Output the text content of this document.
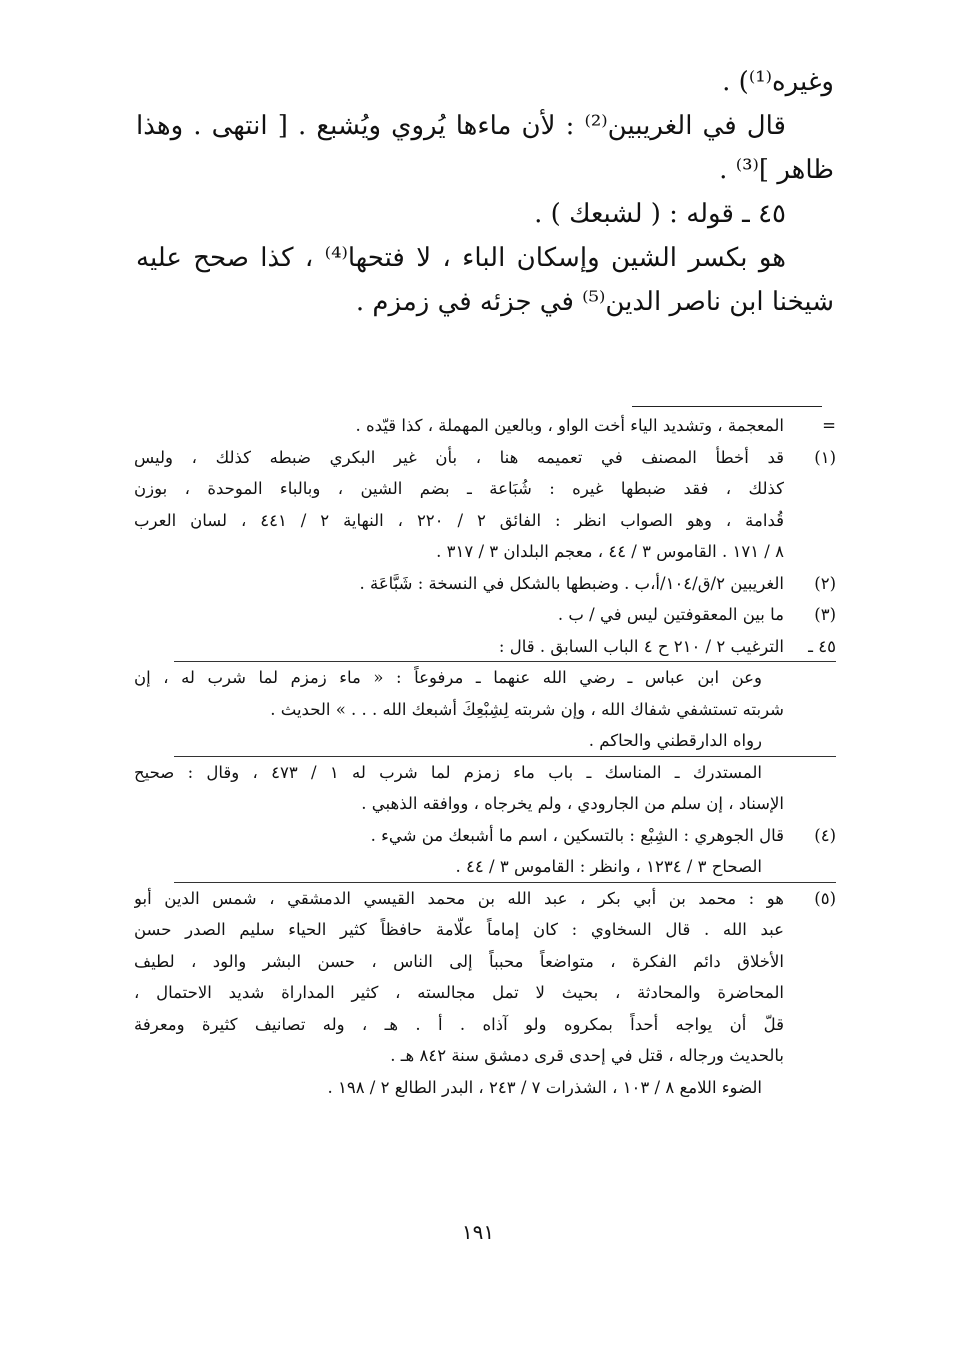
وغيره⁽¹⁾) .
قال في الغريبين⁽²⁾ : لأن ماءها يُروي ويُشبع . [ انتهى . وهذا
ظاهر ]⁽³⁾ .
٤٥ ـ قوله : ( لشبعك ) .
هو بكسر الشين وإسكان الباء ، لا فتحها⁽⁴⁾ ، كذا صحح عليه
شيخنا ابن ناصر الدين⁽⁵⁾ في جزئه في زمزم .
=
المعجمة ، وتشديد الياء أخت الواو ، وبالعين المهملة ، كذا قيّده .
(١)
قد أخطأ المصنف في تعميمه هنا ، بأن غير البكري ضبطه كذلك ، وليس
كذلك ، فقد ضبطها غيره : شُبَاعة ـ بضم الشين ، وبالباء الموحدة ، بوزن
قُدامة ، وهو الصواب انظر : الفائق ٢ / ٢٢٠ ، النهاية ٢ / ٤٤١ ، لسان العرب
٨ / ١٧١ . القاموس ٣ / ٤٤ ، معجم البلدان ٣ / ٣١٧ .
(٢)
الغريبين ٢/ق/١٠٤/أ،ب . وضبطها بالشكل في النسخة : شَبَّاعَة .
(٣)
ما بين المعقوفتين ليس في / ب .
٤٥ ـ
الترغيب ٢ / ٢١٠ ح ٤ الباب السابق . قال :
وعن ابن عباس ـ رضي الله عنهما ـ مرفوعاً : « ماء زمزم لما شرب له ، إن
شربته تستشفي شفاك الله ، وإن شربته لِشِبْعِكَ أشبعك الله . . . » الحديث .
رواه الدارقطني والحاكم .
المستدرك ـ المناسك ـ باب ماء زمزم لما شرب له ١ / ٤٧٣ ، وقال : صحيح
الإسناد ، إن سلم من الجارودي ، ولم يخرجاه ، ووافقه الذهبي .
(٤)
قال الجوهري : الشِبْع : بالتسكين ، اسم ما أشبعك من شيء .
الصحاح ٣ / ١٢٣٤ ، وانظر : القاموس ٣ / ٤٤ .
(٥)
هو : محمد بن أبي بكر ، عبد الله بن محمد القيسي الدمشقي ، شمس الدين أبو
عبد الله . قال السخاوي : كان إماماً علّامة حافظاً كثير الحياء سليم الصدر حسن
الأخلاق دائم الفكرة ، متواضعاً محبباً إلى الناس ، حسن البشر والود ، لطيف
المحاضرة والمحادثة ، بحيث لا تمل مجالسته ، كثير المداراة شديد الاحتمال ،
قلّ أن يواجه أحداً بمكروه ولو آذاه . أ . هـ ، وله تصانيف كثيرة ومعرفة
بالحديث ورجاله ، قتل في إحدى قرى دمشق سنة ٨٤٢ هـ .
الضوء اللامع ٨ / ١٠٣ ، الشذرات ٧ / ٢٤٣ ، البدر الطالع ٢ / ١٩٨ .
١٩١
